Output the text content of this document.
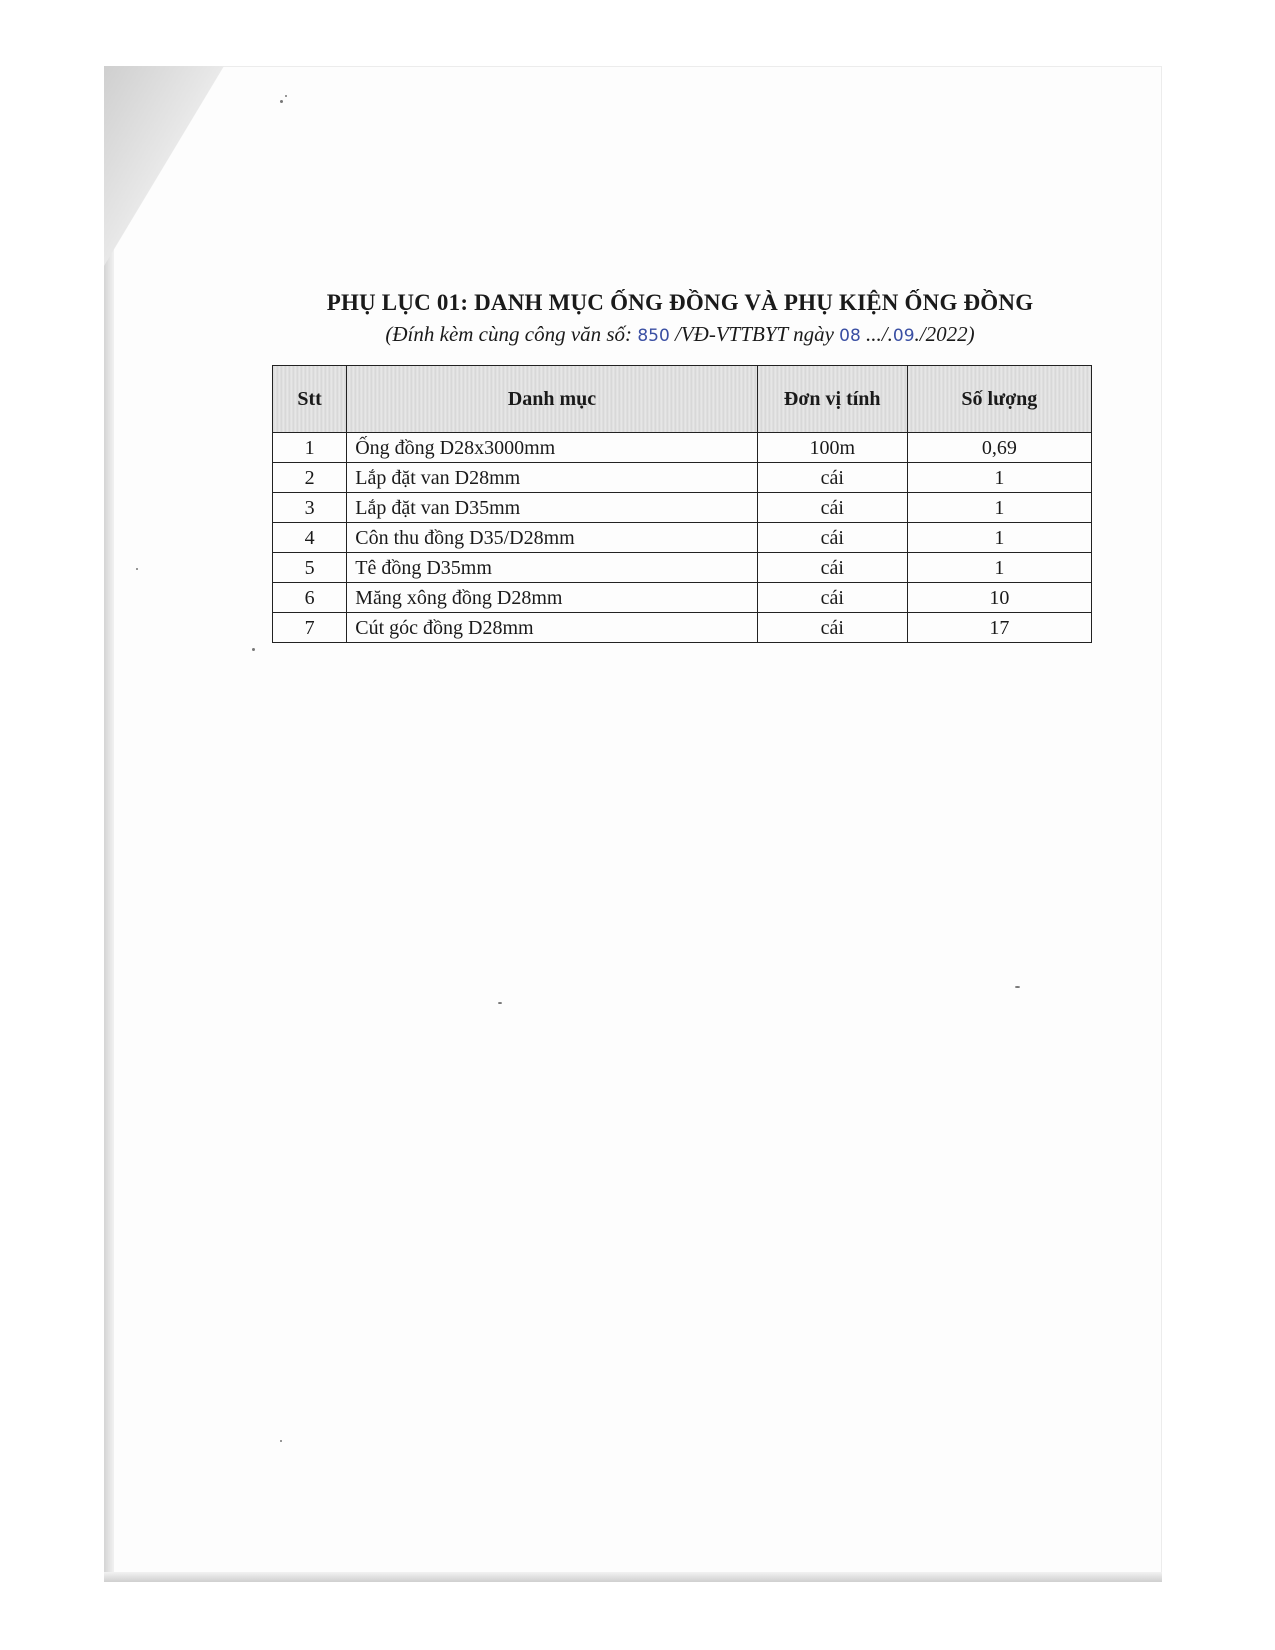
PHỤ LỤC 01: DANH MỤC ỐNG ĐỒNG VÀ PHỤ KIỆN ỐNG ĐỒNG
(Đính kèm cùng công văn số: 850 /VĐ-VTTBYT ngày 08 .../.09./2022)
Stt	Danh mục	Đơn vị tính	Số lượng
1	Ống đồng D28x3000mm	100m	0,69
2	Lắp đặt van D28mm	cái	1
3	Lắp đặt van D35mm	cái	1
4	Côn thu đồng D35/D28mm	cái	1
5	Tê đồng D35mm	cái	1
6	Măng xông đồng D28mm	cái	10
7	Cút góc đồng D28mm	cái	17
